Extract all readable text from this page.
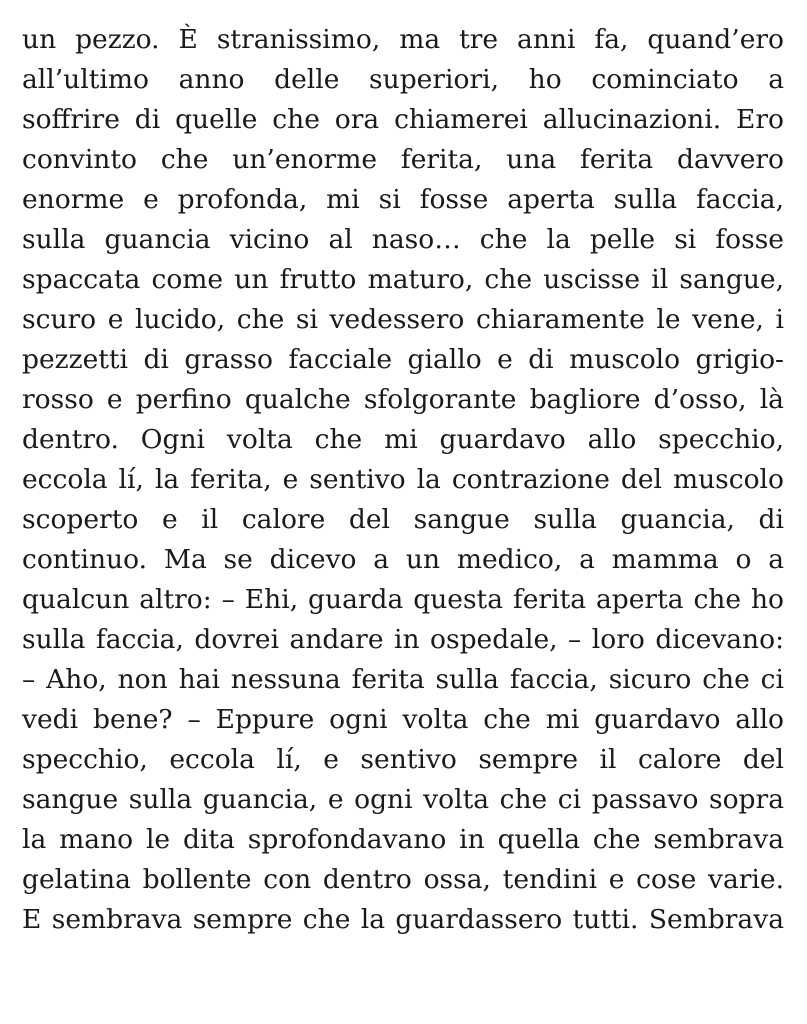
un pezzo. È stranissimo, ma tre anni fa, quand’ero
all’ultimo anno delle superiori, ho cominciato a
soffrire di quelle che ora chiamerei allucinazioni. Ero
convinto che un’enorme ferita, una ferita davvero
enorme e profonda, mi si fosse aperta sulla faccia,
sulla guancia vicino al naso… che la pelle si fosse
spaccata come un frutto maturo, che uscisse il sangue,
scuro e lucido, che si vedessero chiaramente le vene, i
pezzetti di grasso facciale giallo e di muscolo grigio-
rosso e perfino qualche sfolgorante bagliore d’osso, là
dentro. Ogni volta che mi guardavo allo specchio,
eccola lí, la ferita, e sentivo la contrazione del muscolo
scoperto e il calore del sangue sulla guancia, di
continuo. Ma se dicevo a un medico, a mamma o a
qualcun altro: – Ehi, guarda questa ferita aperta che ho
sulla faccia, dovrei andare in ospedale, – loro dicevano:
– Aho, non hai nessuna ferita sulla faccia, sicuro che ci
vedi bene? – Eppure ogni volta che mi guardavo allo
specchio, eccola lí, e sentivo sempre il calore del
sangue sulla guancia, e ogni volta che ci passavo sopra
la mano le dita sprofondavano in quella che sembrava
gelatina bollente con dentro ossa, tendini e cose varie.
E sembrava sempre che la guardassero tutti. Sembrava
